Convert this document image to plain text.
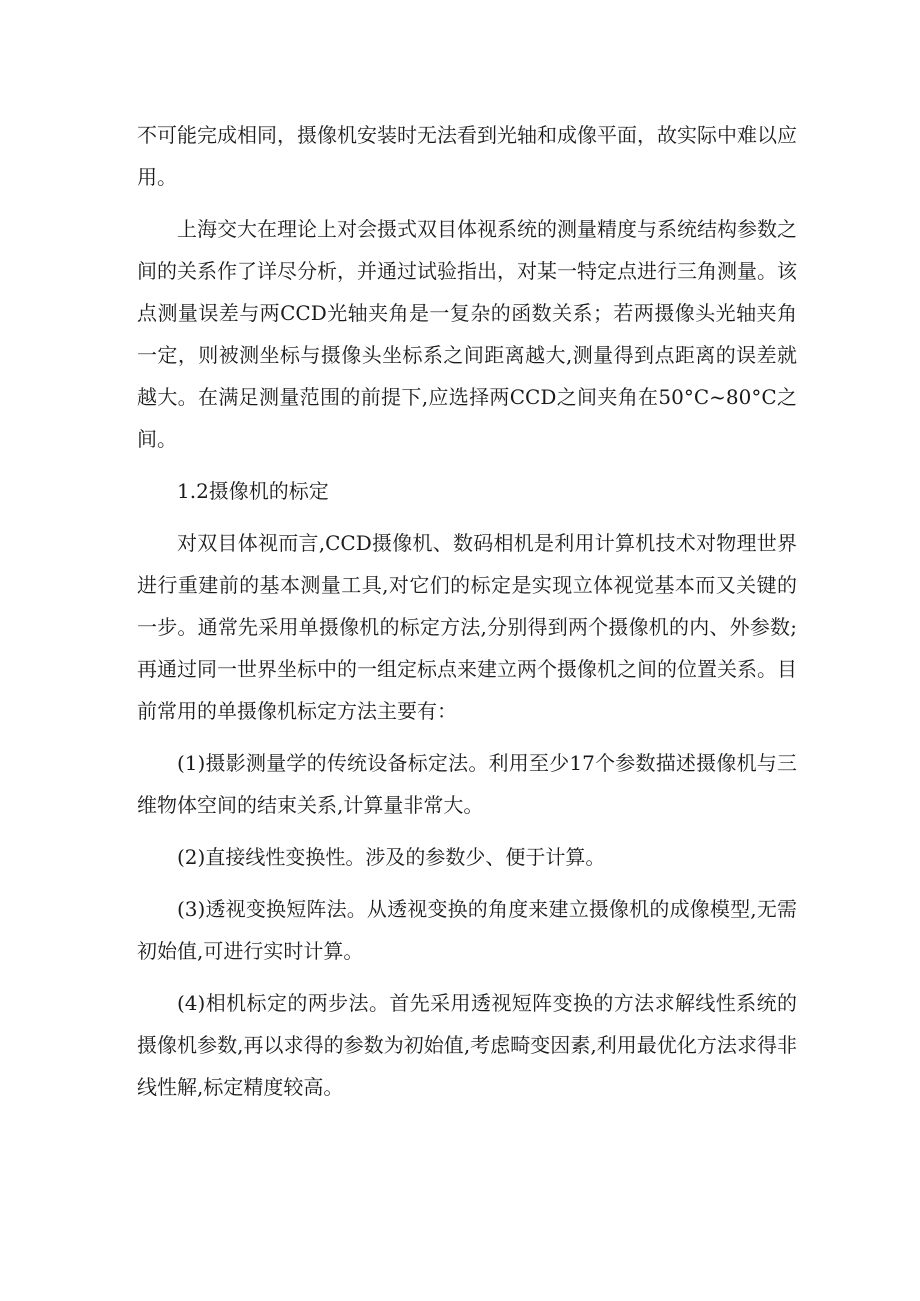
不可能完成相同，摄像机安装时无法看到光轴和成像平面，故实际中难以应用。

上海交大在理论上对会摄式双目体视系统的测量精度与系统结构参数之间的关系作了详尽分析，并通过试验指出，对某一特定点进行三角测量。该点测量误差与两CCD光轴夹角是一复杂的函数关系；若两摄像头光轴夹角一定，则被测坐标与摄像头坐标系之间距离越大,测量得到点距离的误差就越大。在满足测量范围的前提下,应选择两CCD之间夹角在50°C~80°C之间。

1.2摄像机的标定

对双目体视而言,CCD摄像机、数码相机是利用计算机技术对物理世界进行重建前的基本测量工具,对它们的标定是实现立体视觉基本而又关键的一步。通常先采用单摄像机的标定方法,分别得到两个摄像机的内、外参数;再通过同一世界坐标中的一组定标点来建立两个摄像机之间的位置关系。目前常用的单摄像机标定方法主要有：

(1)摄影测量学的传统设备标定法。利用至少17个参数描述摄像机与三维物体空间的结束关系,计算量非常大。

(2)直接线性变换性。涉及的参数少、便于计算。

(3)透视变换短阵法。从透视变换的角度来建立摄像机的成像模型,无需初始值,可进行实时计算。

(4)相机标定的两步法。首先采用透视短阵变换的方法求解线性系统的摄像机参数,再以求得的参数为初始值,考虑畸变因素,利用最优化方法求得非线性解,标定精度较高。
